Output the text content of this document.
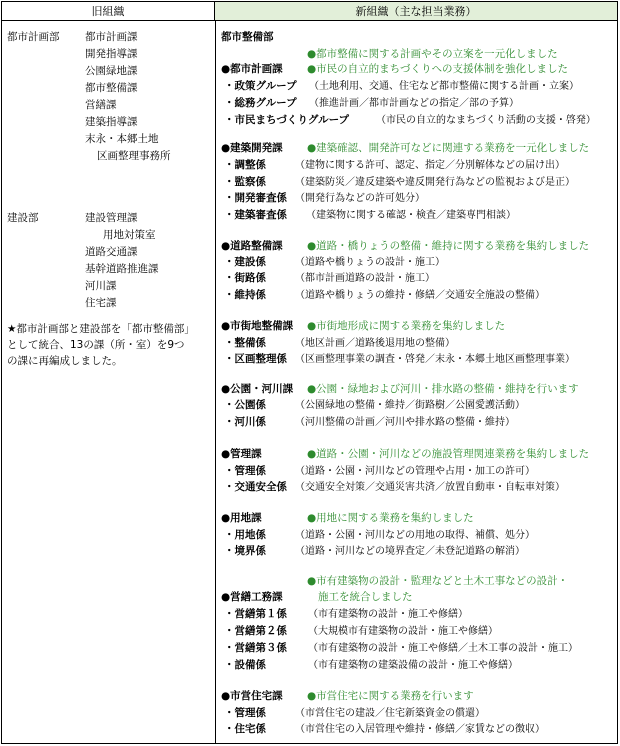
旧組織	新組織（主な担当業務）
都市計画部 都市計画課
開発指導課
公園緑地課
都市整備課
営繕課
建築指導課
末永・本郷土地
区画整理事務所
建設部	建設管理課
用地対策室
道路交通課
基幹道路推進課
河川課
住宅課
★都市計画部と建設部を「都市整備部」
として統合、13の課（所・室）を9つ
の課に再編成しました。
都市整備部
●都市整備に関する計画やその立案を一元化しました
●都市計画課 ●市民の自立的まちづくりへの支援体制を強化しました
・政策グループ （土地利用、交通、住宅など都市整備に関する計画・立案）
・総務グループ （推進計画／都市計画などの指定／部の予算）
・市民まちづくりグループ	（市民の自立的なまちづくり活動の支援・啓発）
●建築開発課 ●建築確認、開発許可などに関連する業務を一元化しました
・調整係	（建物に関する許可、認定、指定／分別解体などの届け出）
・監察係	（建築防災／違反建築や違反開発行為などの監視および是正）
・開発審査係 （開発行為などの許可処分）
・建築審査係 （建築物に関する確認・検査／建築専門相談）
●道路整備課 ●道路・橋りょうの整備・維持に関する業務を集約しました
・建設係	（道路や橋りょうの設計・施工）
・街路係	（都市計画道路の設計・施工）
・維持係	（道路や橋りょうの維持・修繕／交通安全施設の整備）
●市街地整備課 ●市街地形成に関する業務を集約しました
・整備係	（地区計画／道路後退用地の整備）
・区画整理係 （区画整理事業の調査・啓発／末永・本郷土地区画整理事業）
●公園・河川課 ●公園・緑地および河川・排水路の整備・維持を行います
・公園係	（公園緑地の整備・維持／街路樹／公園愛護活動）
・河川係	（河川整備の計画／河川や排水路の整備・維持）
●管理課	●道路・公園・河川などの施設管理関連業務を集約しました
・管理係	（道路・公園・河川などの管理や占用・加工の許可）
・交通安全係 （交通安全対策／交通災害共済／放置自動車・自転車対策）
●用地課	●用地に関する業務を集約しました
・用地係	（道路・公園・河川などの用地の取得、補償、処分）
・境界係	（道路・河川などの境界査定／未登記道路の解消）
●市有建築物の設計・監理などと土木工事などの設計・
●営繕工務課	施工を統合しました
・営繕第１係 （市有建築物の設計・施工や修繕）
・営繕第２係 （大規模市有建築物の設計・施工や修繕）
・営繕第３係 （市有建築物の設計・施工や修繕／土木工事の設計・施工）
・設備係	（市有建築物の建築設備の設計・施工や修繕）
●市営住宅課 ●市営住宅に関する業務を行います
・管理係	（市営住宅の建設／住宅新築資金の償還）
・住宅係	（市営住宅の入居管理や維持・修繕／家賃などの徴収）
